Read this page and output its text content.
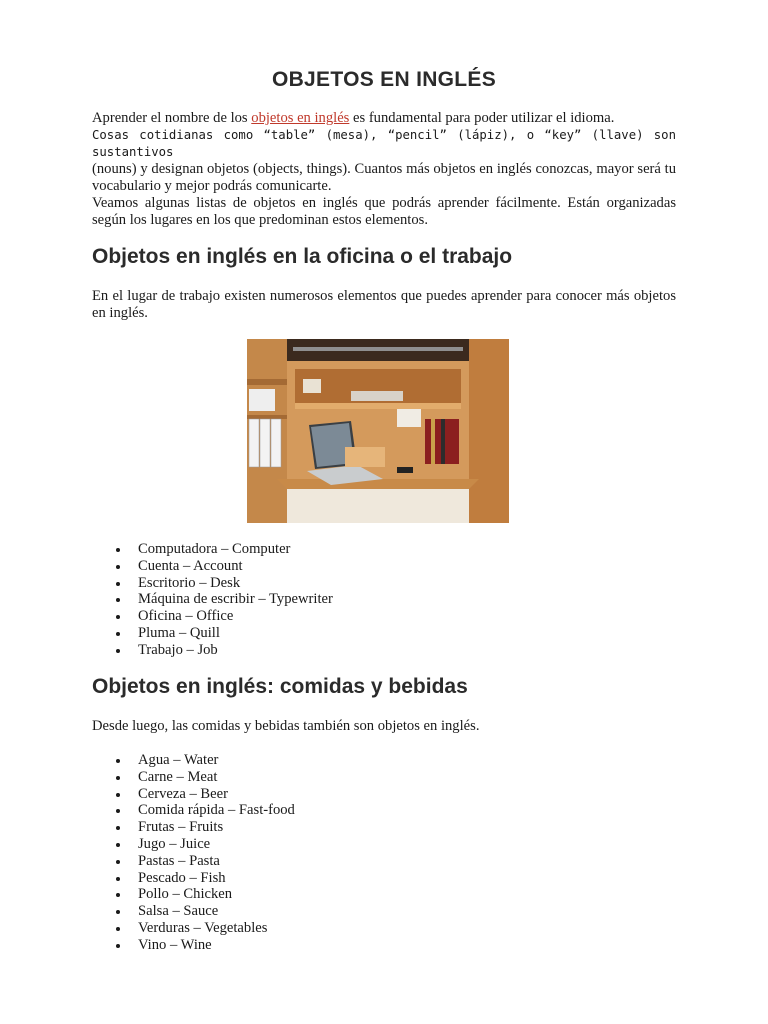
OBJETOS EN INGLÉS

Aprender el nombre de los objetos en inglés es fundamental para poder utilizar el idioma.
Cosas cotidianas como “table” (mesa), “pencil” (lápiz), o “key” (llave) son sustantivos
(nouns) y designan objetos (objects, things). Cuantos más objetos en inglés conozcas, mayor será tu vocabulario y mejor podrás comunicarte.

Veamos algunas listas de objetos en inglés que podrás aprender fácilmente. Están organizadas según los lugares en los que predominan estos elementos.

Objetos en inglés en la oficina o el trabajo

En el lugar de trabajo existen numerosos elementos que puedes aprender para conocer más objetos en inglés.

Computadora – Computer
Cuenta – Account
Escritorio – Desk
Máquina de escribir – Typewriter
Oficina – Office
Pluma – Quill
Trabajo – Job
Objetos en inglés: comidas y bebidas

Desde luego, las comidas y bebidas también son objetos en inglés.

Agua – Water
Carne – Meat
Cerveza – Beer
Comida rápida – Fast-food
Frutas – Fruits
Jugo – Juice
Pastas – Pasta
Pescado – Fish
Pollo – Chicken
Salsa – Sauce
Verduras – Vegetables
Vino – Wine
